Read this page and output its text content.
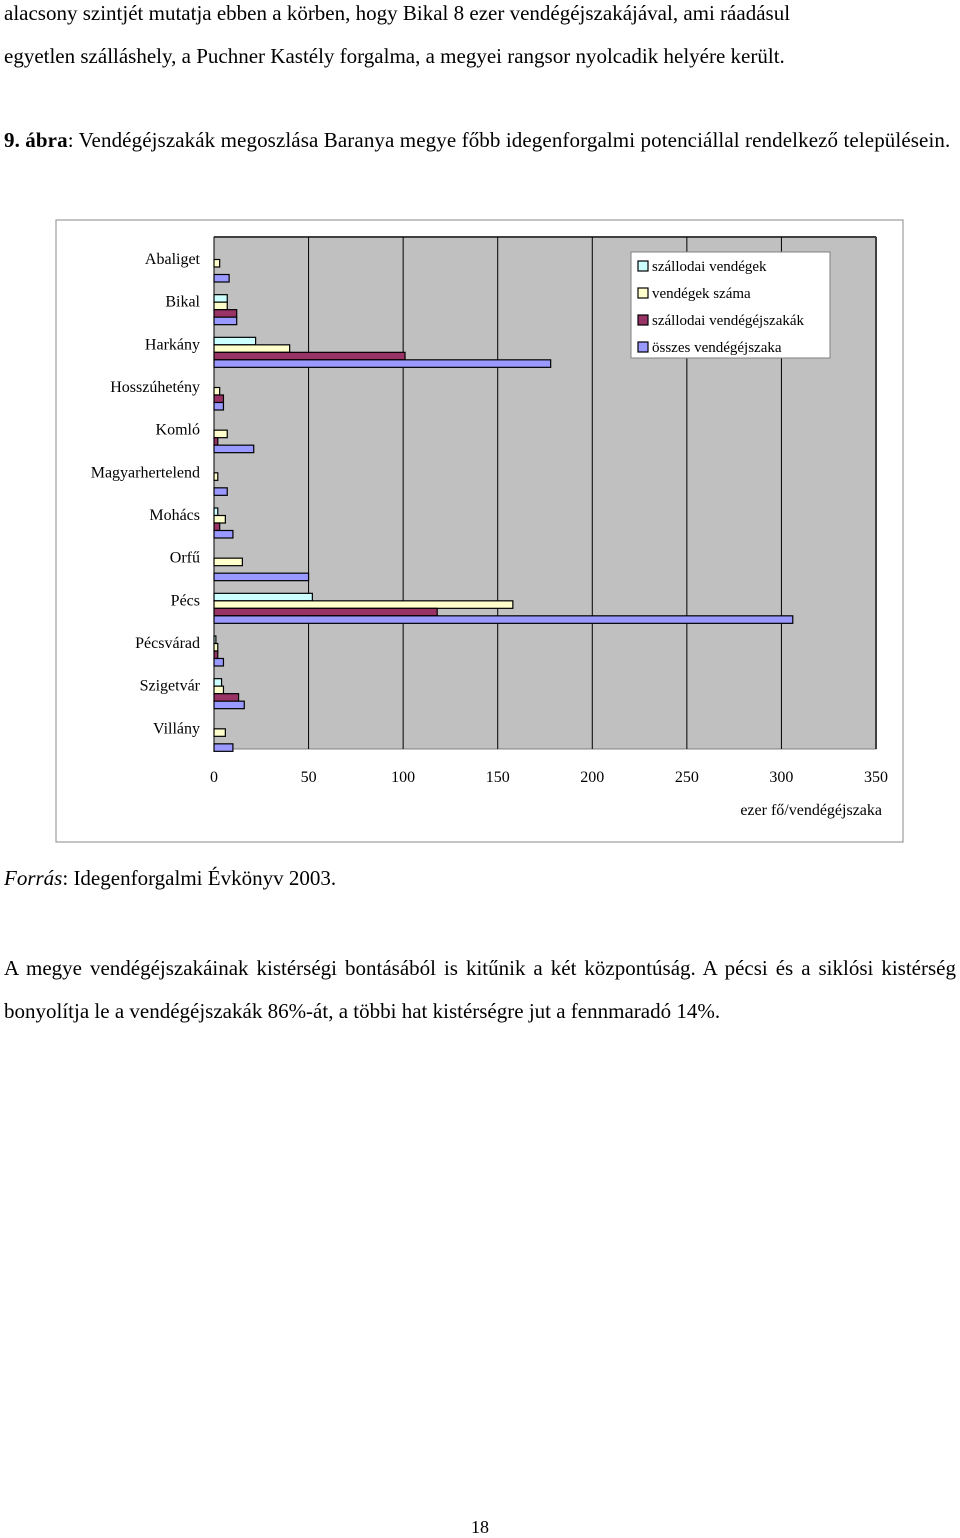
alacsony szintjét mutatja ebben a körben, hogy Bikal 8 ezer vendégéjszakájával, ami ráadásul
egyetlen szálláshely, a Puchner Kastély forgalma, a megyei rangsor nyolcadik helyére került.

9. ábra: Vendégéjszakák megoszlása Baranya megye főbb idegenforgalmi potenciállal rendelkező településein.

Abaliget
Bikal
Harkány
Hosszúhetény
Komló
Magyarhertelend
Mohács
Orfű
Pécs
Pécsvárad
Szigetvár
Villány
0	50	100	150	200	250	300	350
ezer fő/vendégéjszaka
szállodai vendégek
vendégek száma
szállodai vendégéjszakák
összes vendégéjszaka

Forrás: Idegenforgalmi Évkönyv 2003.

A megye vendégéjszakáinak kistérségi bontásából is kitűnik a két központúság. A pécsi és a siklósi kistérség bonyolítja le a vendégéjszakák 86%-át, a többi hat kistérségre jut a fennmaradó 14%.

18
